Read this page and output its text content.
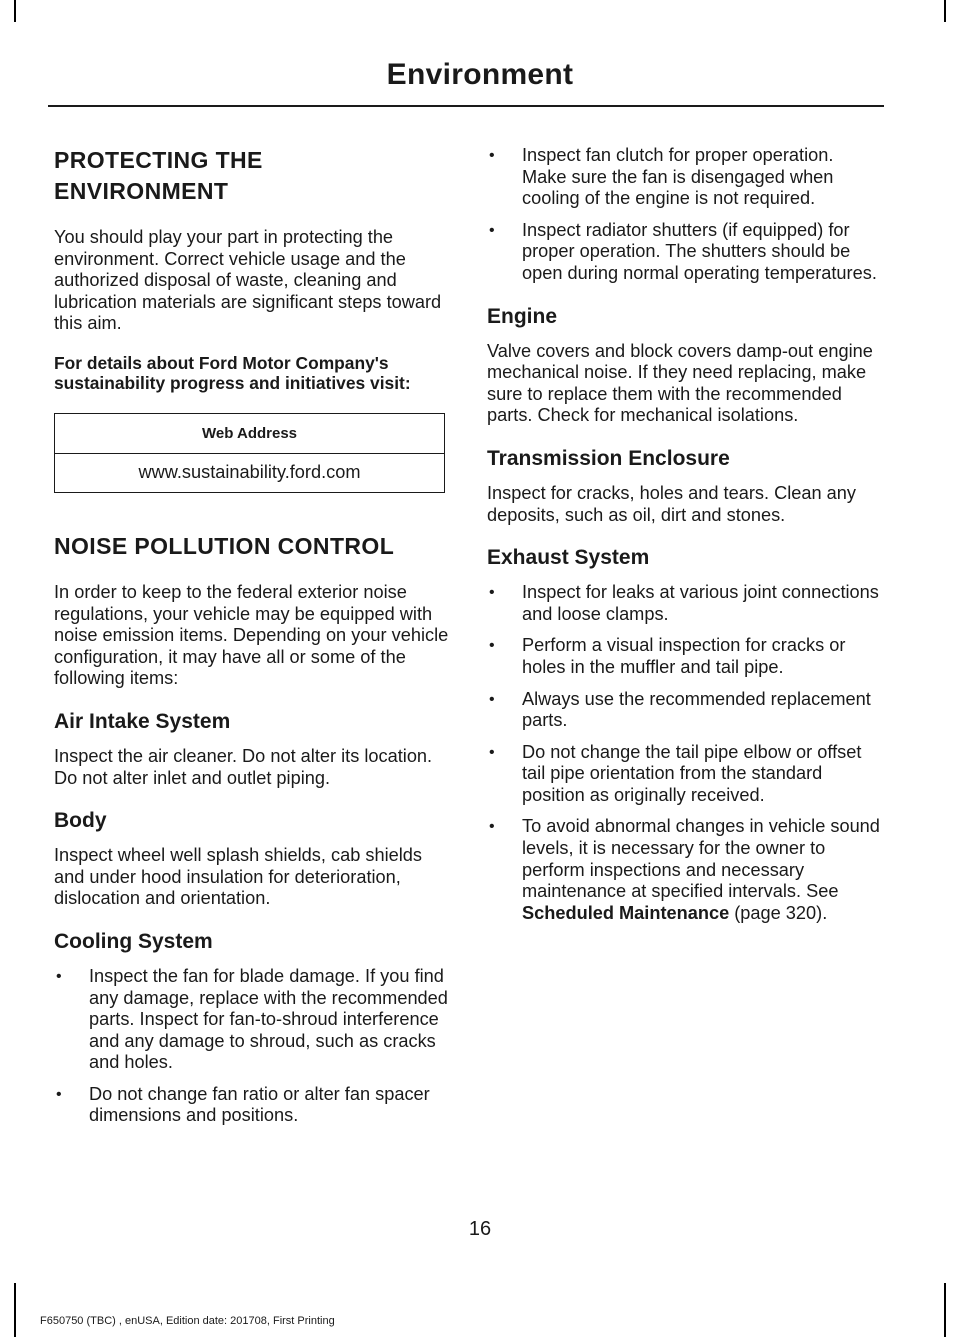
Environment
PROTECTING THE
ENVIRONMENT

You should play your part in protecting the environment. Correct vehicle usage and the authorized disposal of waste, cleaning and lubrication materials are significant steps toward this aim.

For details about Ford Motor Company's sustainability progress and initiatives visit:

Web Address
www.sustainability.ford.com
NOISE POLLUTION CONTROL

In order to keep to the federal exterior noise regulations, your vehicle may be equipped with noise emission items. Depending on your vehicle configuration, it may have all or some of the following items:

Air Intake System

Inspect the air cleaner. Do not alter its location. Do not alter inlet and outlet piping.

Body

Inspect wheel well splash shields, cab shields and under hood insulation for deterioration, dislocation and orientation.

Cooling System
• Inspect the fan for blade damage. If you find any damage, replace with the recommended parts. Inspect for fan-to-shroud interference and any damage to shroud, such as cracks and holes.
• Do not change fan ratio or alter fan spacer dimensions and positions.
• Inspect fan clutch for proper operation. Make sure the fan is disengaged when cooling of the engine is not required.
• Inspect radiator shutters (if equipped) for proper operation. The shutters should be open during normal operating temperatures.
Engine

Valve covers and block covers damp-out engine mechanical noise. If they need replacing, make sure to replace them with the recommended parts. Check for mechanical isolations.

Transmission Enclosure

Inspect for cracks, holes and tears. Clean any deposits, such as oil, dirt and stones.

Exhaust System
• Inspect for leaks at various joint connections and loose clamps.
• Perform a visual inspection for cracks or holes in the muffler and tail pipe.
• Always use the recommended replacement parts.
• Do not change the tail pipe elbow or offset tail pipe orientation from the standard position as originally received.
• To avoid abnormal changes in vehicle sound levels, it is necessary for the owner to perform inspections and necessary maintenance at specified intervals. See Scheduled Maintenance (page 320).
16
F650750 (TBC) , enUSA, Edition date: 201708, First Printing
